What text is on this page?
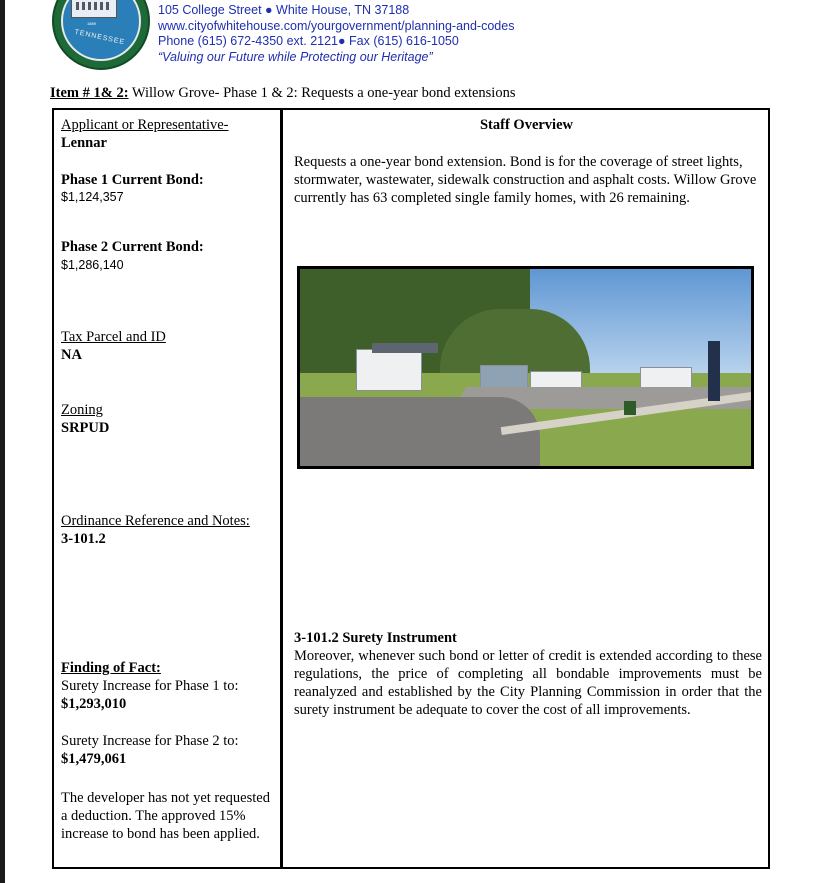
1889
TENNESSEE
105 College Street ● White House, TN 37188
www.cityofwhitehouse.com/yourgovernment/planning-and-codes
Phone (615) 672-4350 ext. 2121● Fax (615) 616-1050
“Valuing our Future while Protecting our Heritage”
Item # 1& 2: Willow Grove- Phase 1 & 2: Requests a one-year bond extensions
Applicant or Representative-
Lennar
Phase 1 Current Bond:
$1,124,357
Phase 2 Current Bond:
$1,286,140
Tax Parcel and ID
NA
Zoning
SRPUD
Ordinance Reference and Notes:
3-101.2
Finding of Fact:
Surety Increase for Phase 1 to:
$1,293,010
Surety Increase for Phase 2 to:
$1,479,061
The developer has not yet requested a deduction. The approved 15% increase to bond has been applied.
Staff Overview
Requests a one-year bond extension. Bond is for the coverage of street lights, stormwater, wastewater, sidewalk construction and asphalt costs. Willow Grove currently has 63 completed single family homes, with 26 remaining.
3-101.2 Surety Instrument
Moreover, whenever such bond or letter of credit is extended according to these regulations, the price of completing all bondable improvements must be reanalyzed and established by the City Planning Commission in order that the surety instrument be adequate to cover the cost of all improvements.
